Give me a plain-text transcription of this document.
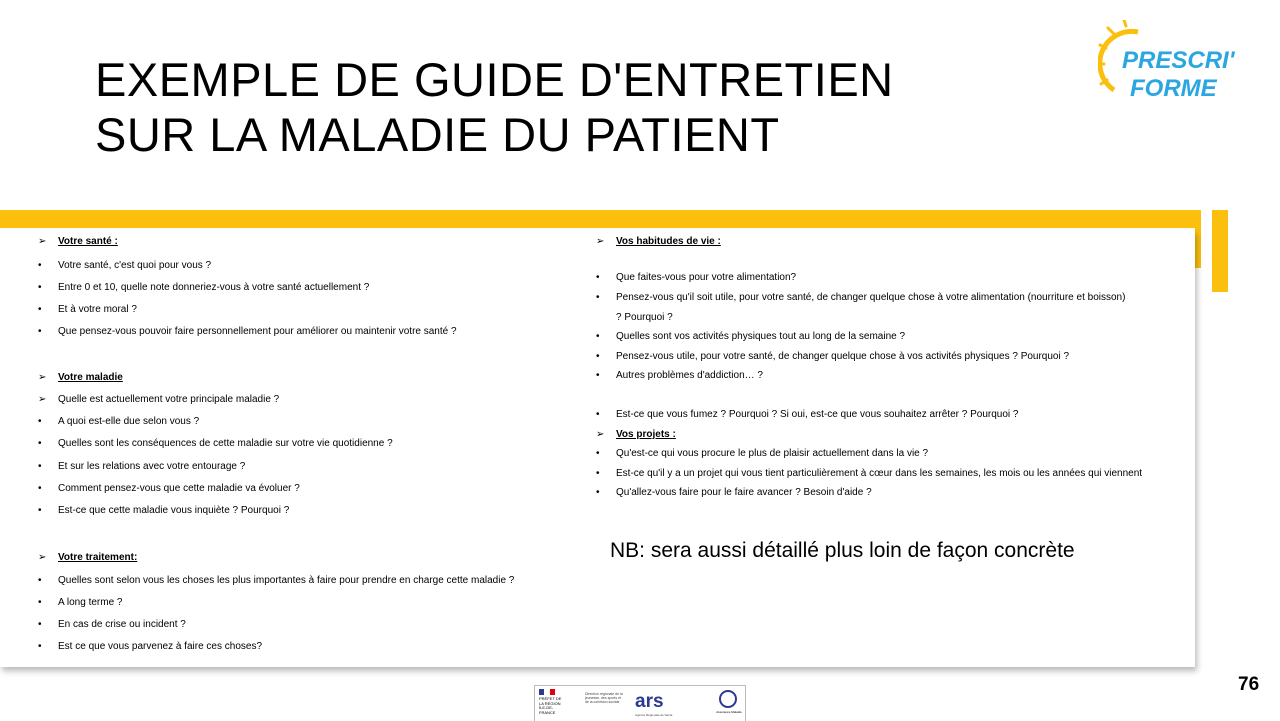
EXEMPLE DE GUIDE D'ENTRETIEN
SUR LA MALADIE DU PATIENT
PRESCRI'
FORME
➢	Votre santé :
•	Votre santé, c'est quoi pour vous ?
•	Entre 0 et 10, quelle note donneriez-vous à votre santé actuellement ?
•	Et à votre moral ?
•	Que pensez-vous pouvoir faire personnellement pour améliorer ou maintenir votre santé ?
➢	Votre maladie
➢	Quelle est actuellement votre principale maladie ?
•	A quoi est-elle due selon vous ?
•	Quelles sont les conséquences de cette maladie sur votre vie quotidienne ?
•	Et sur les relations avec votre entourage ?
•	Comment pensez-vous que cette maladie va évoluer ?
•	Est-ce que cette maladie vous inquiète ? Pourquoi ?
➢	Votre traitement:
•	Quelles sont selon vous les choses les plus importantes à faire pour prendre en charge cette maladie ?
•	A long terme ?
•	En cas de crise ou incident ?
•	Est ce que vous parvenez à faire ces choses?
➢	Vos habitudes de vie :
•	Que faites-vous pour votre alimentation?
•	Pensez-vous qu'il soit utile, pour votre santé, de changer quelque chose à votre alimentation (nourriture et boisson)
? Pourquoi ?
•	Quelles sont vos activités physiques tout au long de la semaine ?
•	Pensez-vous utile, pour votre santé, de changer quelque chose à vos activités physiques ? Pourquoi ?
•	Autres problèmes d'addiction… ?
•	Est-ce que vous fumez ? Pourquoi ? Si oui, est-ce que vous souhaitez arrêter ? Pourquoi ?
➢	Vos projets :
•	Qu'est-ce qui vous procure le plus de plaisir actuellement dans la vie ?
•	Est-ce qu'il y a un projet qui vous tient particulièrement à cœur dans les semaines, les mois ou les années qui viennent
•	Qu'allez-vous faire pour le faire avancer ? Besoin d'aide ?
NB: sera aussi détaillé plus loin de façon concrète
76
PRÉFET DE LA RÉGION ÎLE-DE-FRANCE
Direction régionale de la jeunesse, des sports et de la cohésion sociale ars
Agence Régionale de Santé
Assurance Maladie
